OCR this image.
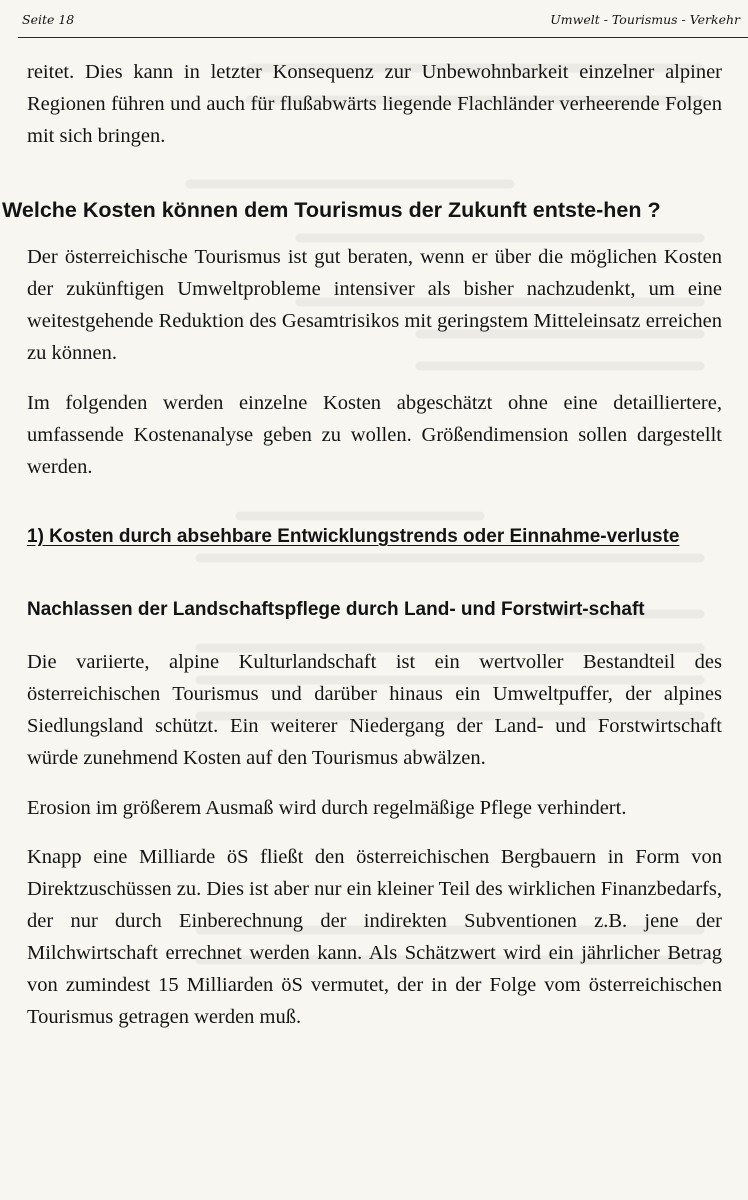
Seite 18	Umwelt - Tourismus - Verkehr

reitet. Dies kann in letzter Konsequenz zur Unbewohnbarkeit einzelner alpiner Regionen führen und auch für flußabwärts liegende Flachländer verheerende Folgen mit sich bringen.

Welche Kosten können dem Tourismus der Zukunft entste-hen ?

Der österreichische Tourismus ist gut beraten, wenn er über die möglichen Kosten der zukünftigen Umweltprobleme intensiver als bisher nachzudenkt, um eine weitestgehende Reduktion des Gesamtrisikos mit geringstem Mitteleinsatz erreichen zu können.

Im folgenden werden einzelne Kosten abgeschätzt ohne eine detailliertere, umfassende Kostenanalyse geben zu wollen. Größendimension sollen dargestellt werden.

1) Kosten durch absehbare Entwicklungstrends oder Einnahme-verluste
Nachlassen der Landschaftspflege durch Land- und Forstwirt-schaft

Die variierte, alpine Kulturlandschaft ist ein wertvoller Bestandteil des österreichischen Tourismus und darüber hinaus ein Umweltpuffer, der alpines Siedlungsland schützt. Ein weiterer Niedergang der Land- und Forstwirtschaft würde zunehmend Kosten auf den Tourismus abwälzen.

Erosion im größerem Ausmaß wird durch regelmäßige Pflege verhindert.

Knapp eine Milliarde öS fließt den österreichischen Bergbauern in Form von Direktzuschüssen zu. Dies ist aber nur ein kleiner Teil des wirklichen Finanzbedarfs, der nur durch Einberechnung der indirekten Subventionen z.B. jene der Milchwirtschaft errechnet werden kann. Als Schätzwert wird ein jährlicher Betrag von zumindest 15 Milliarden öS vermutet, der in der Folge vom österreichischen Tourismus getragen werden muß.
